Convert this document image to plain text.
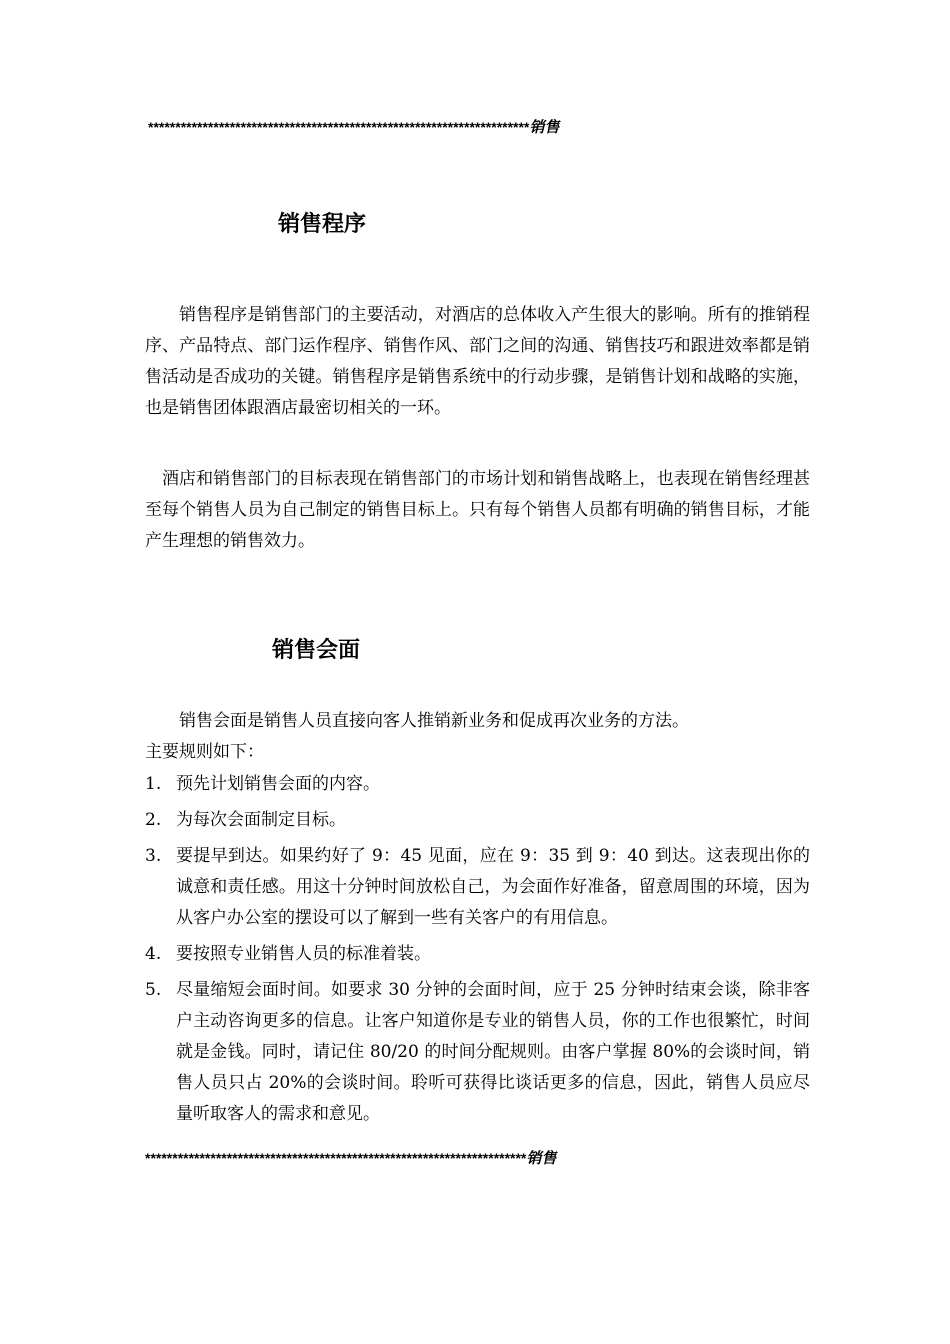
**********************************************************************销售
销售程序

销售程序是销售部门的主要活动，对酒店的总体收入产生很大的影响。所有的推销程序、产品特点、部门运作程序、销售作风、部门之间的沟通、销售技巧和跟进效率都是销售活动是否成功的关键。销售程序是销售系统中的行动步骤，是销售计划和战略的实施，也是销售团体跟酒店最密切相关的一环。

酒店和销售部门的目标表现在销售部门的市场计划和销售战略上，也表现在销售经理甚至每个销售人员为自己制定的销售目标上。只有每个销售人员都有明确的销售目标，才能产生理想的销售效力。

销售会面

销售会面是销售人员直接向客人推销新业务和促成再次业务的方法。

主要规则如下：

1. 预先计划销售会面的内容。
2. 为每次会面制定目标。
3. 要提早到达。如果约好了 9：45 见面，应在 9：35 到 9：40 到达。这表现出你的诚意和责任感。用这十分钟时间放松自己，为会面作好准备，留意周围的环境，因为从客户办公室的摆设可以了解到一些有关客户的有用信息。
4. 要按照专业销售人员的标准着装。
5. 尽量缩短会面时间。如要求 30 分钟的会面时间，应于 25 分钟时结束会谈，除非客户主动咨询更多的信息。让客户知道你是专业的销售人员，你的工作也很繁忙，时间就是金钱。同时，请记住 80/20 的时间分配规则。由客户掌握 80%的会谈时间，销售人员只占 20%的会谈时间。聆听可获得比谈话更多的信息，因此，销售人员应尽量听取客人的需求和意见。
**********************************************************************销售
